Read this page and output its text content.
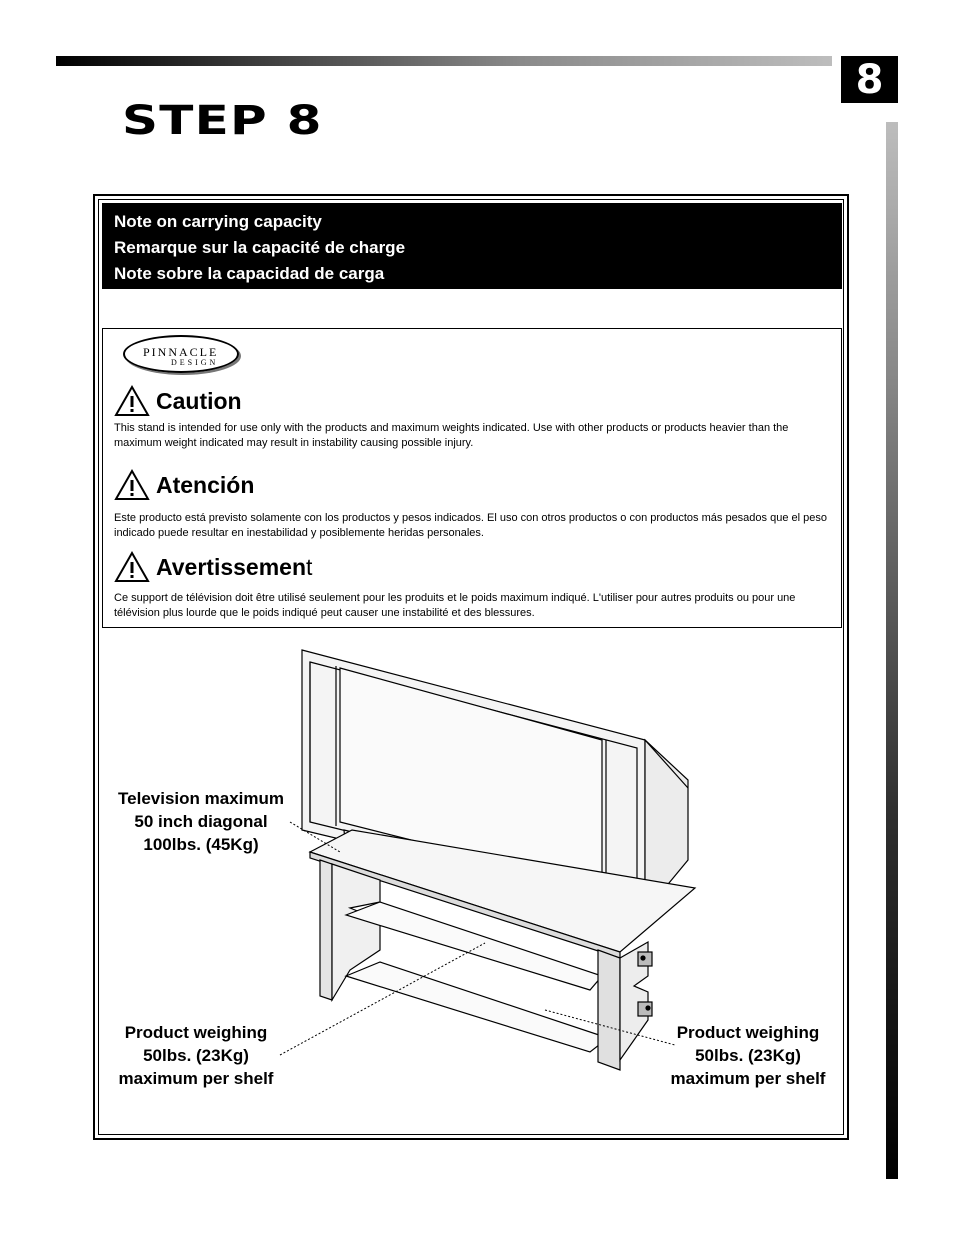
8
STEP 8
Note on carrying capacity
Remarque sur la capacité de charge
Note sobre la capacidad de carga
PINNACLE
DESIGN
Caution
This stand is intended for use only with the products and maximum weights indicated. Use with other products or products heavier than the maximum weight indicated may result in instability causing possible injury.
Atención
Este producto está previsto solamente con los productos y pesos indicados. El uso con otros productos o con productos más pesados que el peso indicado puede resultar en inestabilidad y posiblemente heridas personales.
Avertissement
Ce support de télévision doit être utilisé seulement pour les produits et le poids maximum indiqué. L'utiliser pour autres produits ou pour une télévision plus lourde que le poids indiqué peut causer une instabilité et des blessures.
Television maximum
50 inch diagonal
100lbs. (45Kg)
Product weighing
50lbs. (23Kg)
maximum per shelf
Product weighing
50lbs. (23Kg)
maximum per shelf
